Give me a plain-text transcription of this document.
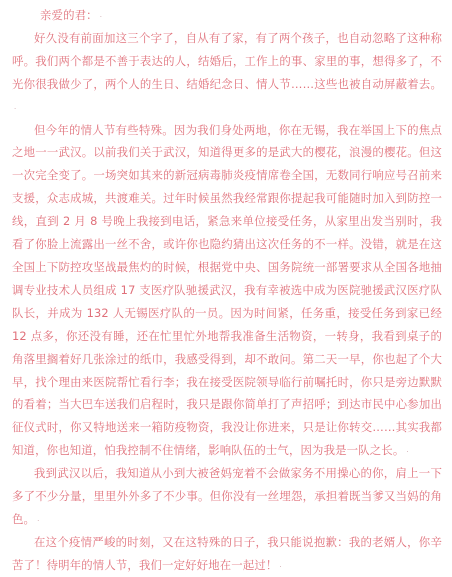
亲爱的君： .

好久没有前面加这三个字了，自从有了家，有了两个孩子，也自动忽略了这种称呼。我们两个都是不善于表达的人，结婚后，工作上的事、家里的事，想得多了，不光你很我做少了，两个人的生日、结婚纪念日、情人节……这些也被自动屏蔽着去。.

但今年的情人节有些特殊。因为我们身处两地，你在无锡，我在举国上下的焦点之地一一武汉。以前我们关于武汉，知道得更多的是武大的樱花，浪漫的樱花。但这一次完全变了。一场突如其来的新冠病毒肺炎疫情席卷全国，无数同行响应号召前来支援，众志成城，共渡难关。过年时候虽然我经常跟你提起我可能随时加入到防控一线，直到 2 月 8 号晚上我接到电话，紧急来单位接受任务，从家里出发当别时，我看了你脸上流露出一丝不舍，或许你也隐约猜出这次任务的不一样。没错，就是在这全国上下防控攻坚战最焦灼的时候，根据党中央、国务院统一部署要求从全国各地抽调专业技术人员组成 17 支医疗队驰援武汉，我有幸被选中成为医院驰援武汉医疗队队长，并成为 132 人无锡医疗队的一员。因为时间紧，任务重，接受任务到家已经 12 点多，你还没有睡，还在忙里忙外地帮我准备生活物资，一转身，我看到桌子的角落里搁着好几张涂过的纸巾，我感受得到，却不敢问。第二天一早，你也起了个大早，找个理由来医院帮忙看行李；我在接受医院领导临行前嘱托时，你只是旁边默默的看着；当大巴车送我们启程时，我只是跟你简单打了声招呼；到达市民中心参加出征仪式时，你又特地送来一箱防疫物资，我没让你进来，只是让你转交……其实我都知道，你也知道，怕我控制不住情绪，影响队伍的士气，因为我是一队之长。 .

我到武汉以后，我知道从小到大被爸妈宠着不会做家务不用操心的你，肩上一下多了不少分量，里里外外多了不少事。但你没有一丝埋怨，承担着既当爹又当妈的角色。 .

在这个疫情严峻的时刻，又在这特殊的日子，我只能说抱歉：我的老婿人，你辛苦了！待明年的情人节，我们一定好好地在一起过！ .
